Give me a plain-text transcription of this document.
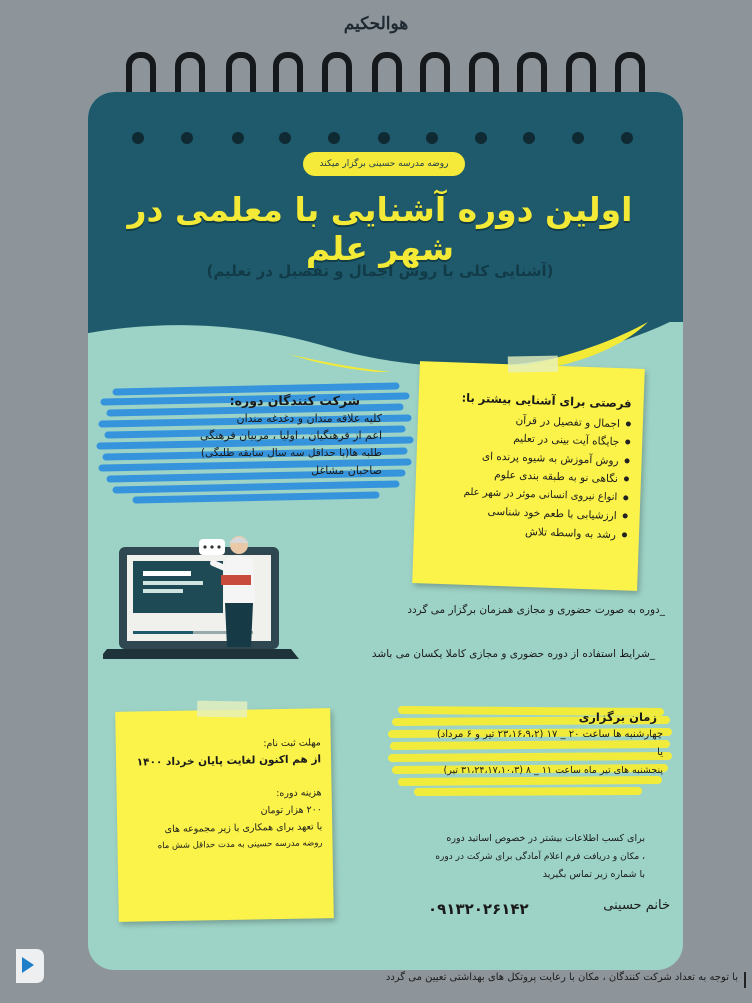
هوالحکیم
روضه مدرسه حسینی برگزار میکند
اولین دوره آشنایی با معلمی در شهر علم
(آشنایی کلی با روش اجمال و تفصیل در تعلیم)
شرکت کنندگان دوره:
کلیه علاقه مندان و دغدغه مندان
اعم از فرهنگیان ، اولیا ، مربیان فرهنگی
طلبه ها(با حداقل سه سال سابقه طلبگی)
صاحبان مشاغل
فرصتی برای آشنایی بیشتر با:
اجمال و تفصیل در قرآن
جایگاه آیت بینی در تعلیم
روش آموزش به شیوه پرنده ای
نگاهی نو به طبقه بندی علوم
انواع نیروی انسانی موثر در شهر علم
ارزشیابی با طعم خود شناسی
رشد به واسطه تلاش
_دوره به صورت حضوری و مجازی همزمان برگزار می گردد
_شرایط استفاده از دوره حضوری و مجازی کاملا یکسان می باشد
زمان برگزاری
چهارشنبه ها ساعت ۲۰ _ ۱۷ (۲۳،۱۶،۹،۲ تیر و ۶ مرداد)
یا
پنجشنبه های تیر ماه ساعت ۱۱ _ ۸ (۳۱،۲۴،۱۷،۱۰،۳ تیر)
مهلت ثبت نام:
از هم اکنون لغایت پایان خرداد ۱۴۰۰
هزینه دوره:
۲۰۰ هزار تومان
با تعهد برای همکاری با زیر مجموعه های
روضه مدرسه حسینی به مدت حداقل شش ماه	برای کسب اطلاعات بیشتر در خصوص اساتید دوره
، مکان و دریافت فرم اعلام آمادگی برای شرکت در دوره
با شماره زیر تماس بگیرید
خانم حسینی
۰۹۱۳۲۰۲۶۱۴۲
با توجه به تعداد شرکت کنندگان ، مکان با رعایت پروتکل های بهداشتی تعیین می گردد
